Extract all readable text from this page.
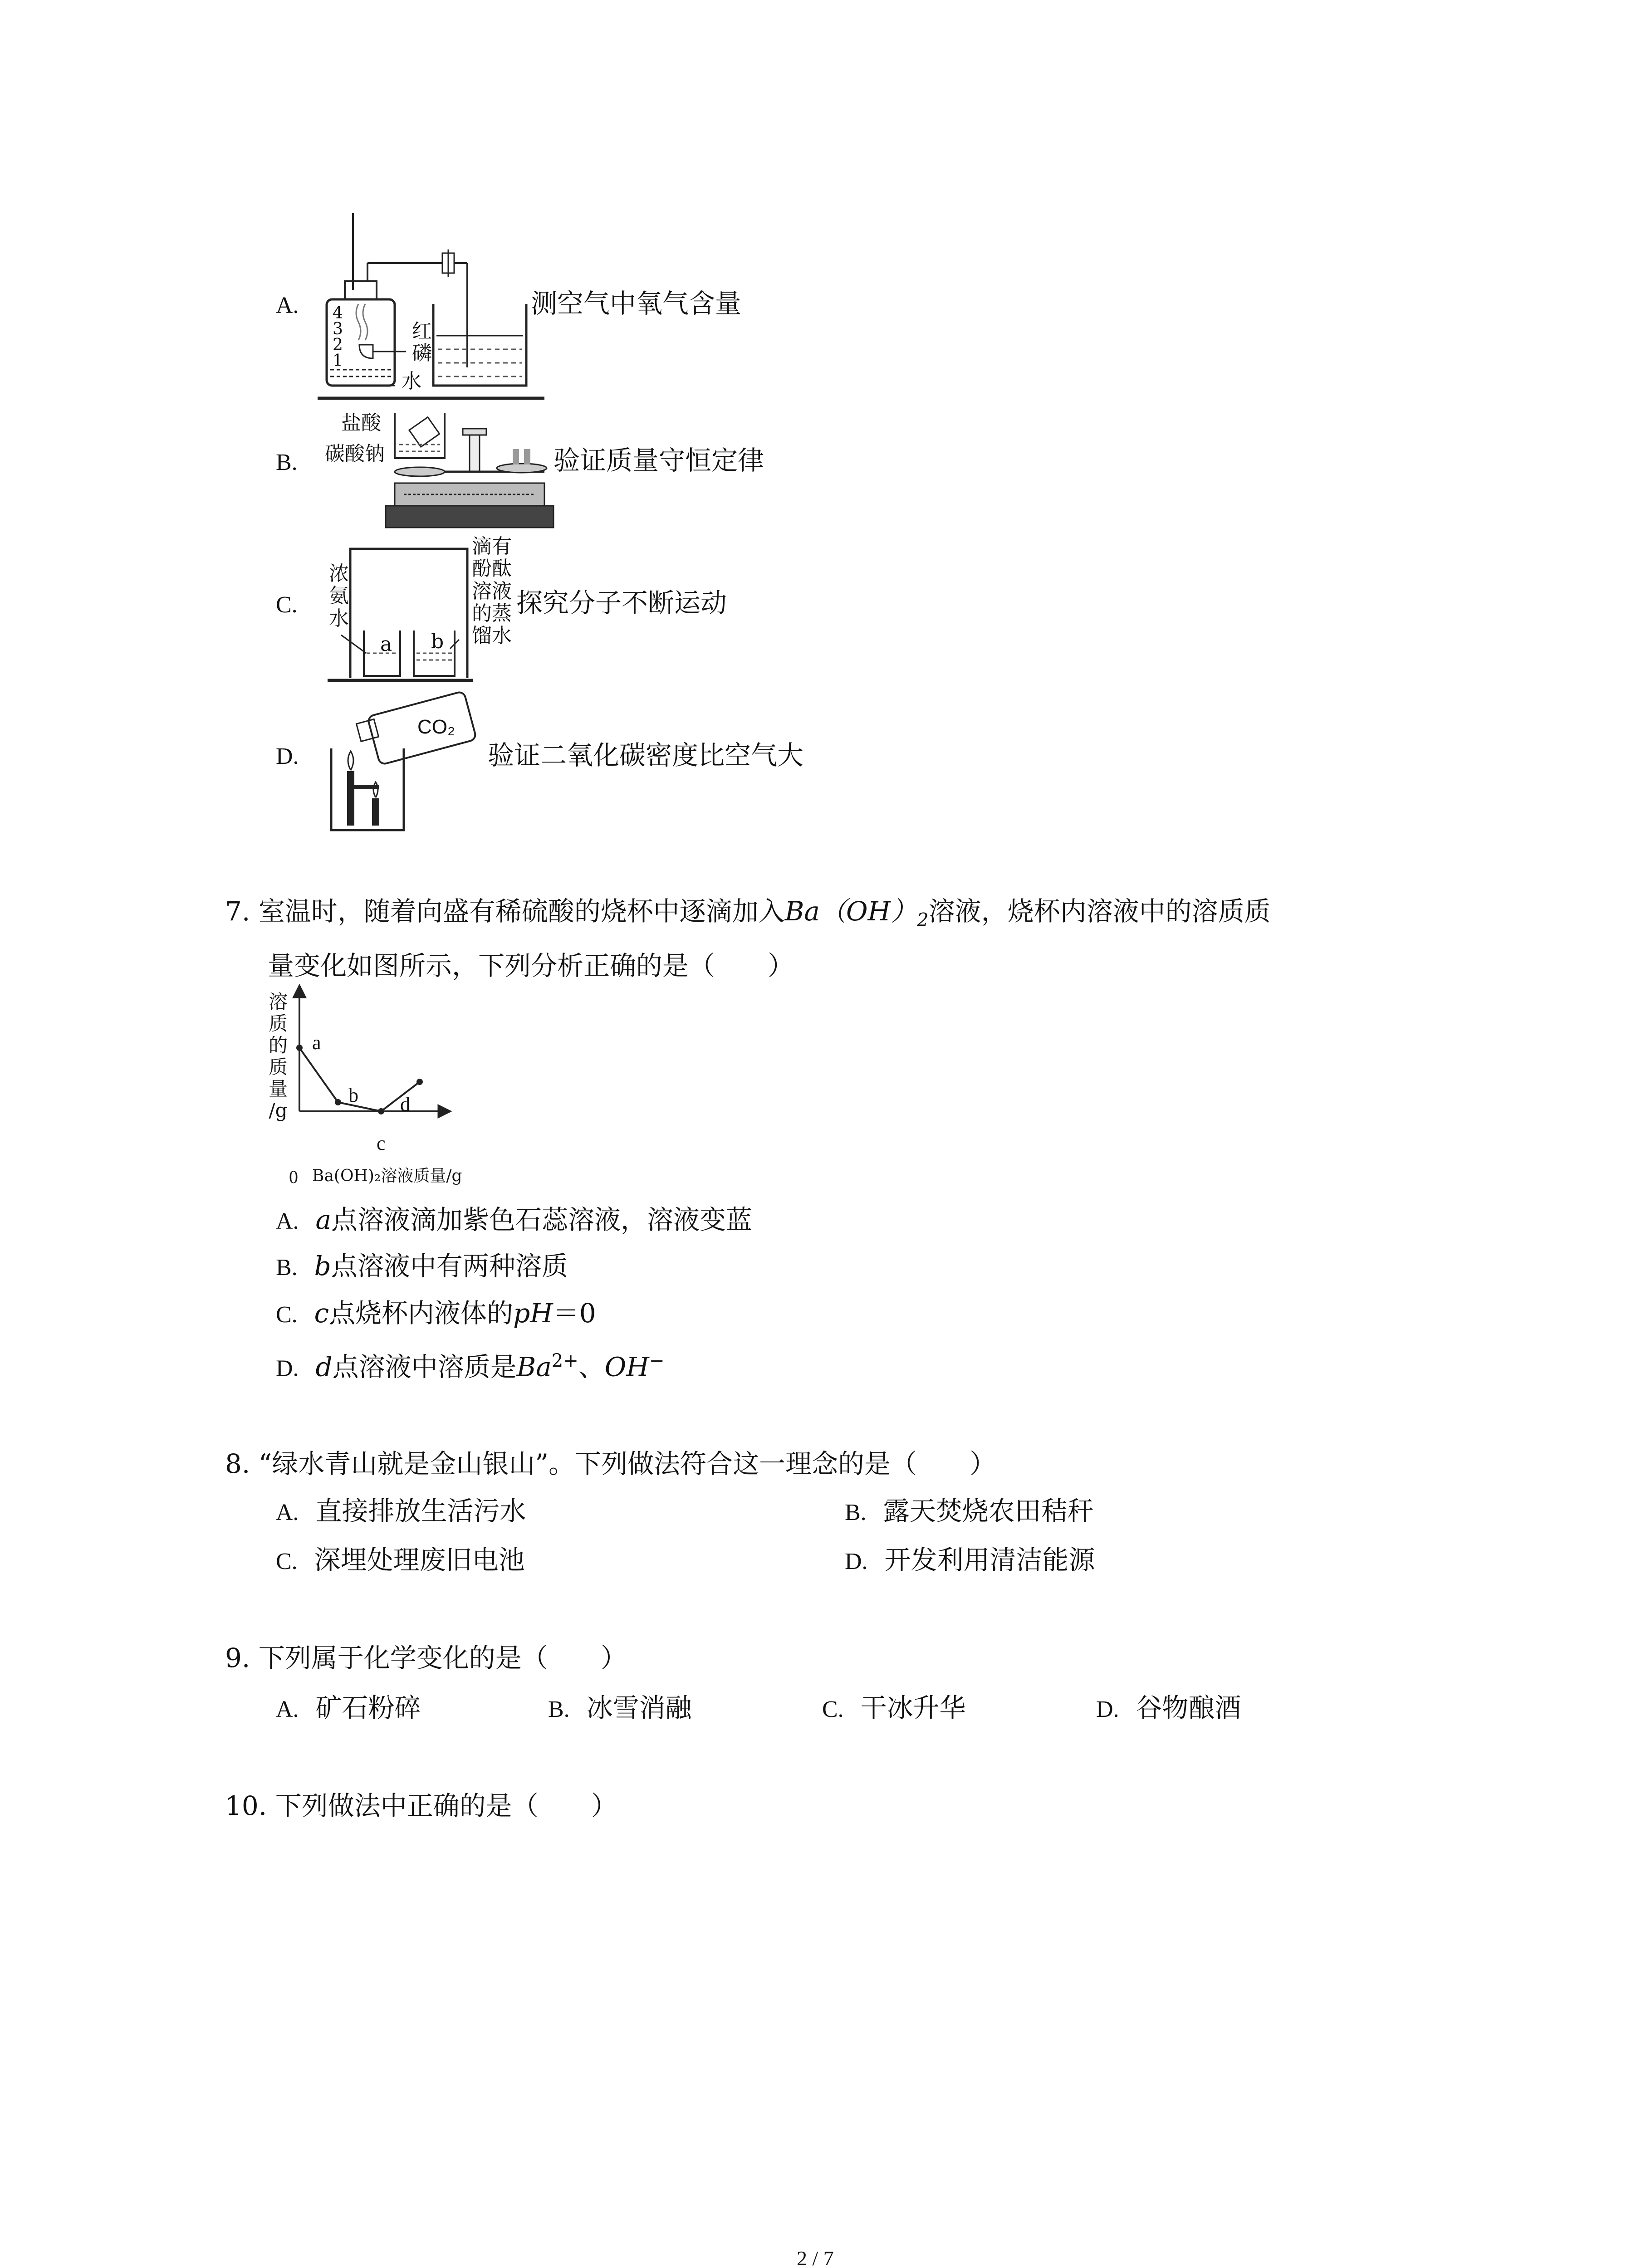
A. 4
3
2
1
红
磷
水
测空气中氧气含量
B.
盐酸
碳酸钠	验证质量守恒定律
C.
浓
氨
水
a b
滴有
酚酞
溶液
的蒸
馏水
探究分子不断运动
D.
CO₂
验证二氧化碳密度比空气大
7. 室温时，随着向盛有稀硫酸的烧杯中逐滴加入$Ba(OH)_2$溶液，烧杯内溶液中的溶质质
量变化如图所示，下列分析正确的是（　　）
溶
质
的
质
量
/g
a
b
c
d
0 Ba(OH)₂溶液质量/g
A. a点溶液滴加紫色石蕊溶液，溶液变蓝
B. b点溶液中有两种溶质
C. c点烧杯内液体的pH＝0
D. d点溶液中溶质是$Ba^{2+}$、OH−
8. “绿水青山就是金山银山”。下列做法符合这一理念的是（　　）
A. 直接排放生活污水	B. 露天焚烧农田秸秆
C. 深埋处理废旧电池	D. 开发利用清洁能源
9. 下列属于化学变化的是（　　）
A. 矿石粉碎	B. 冰雪消融	C. 干冰升华	D. 谷物酿酒
10. 下列做法中正确的是（　　）
2 / 7
